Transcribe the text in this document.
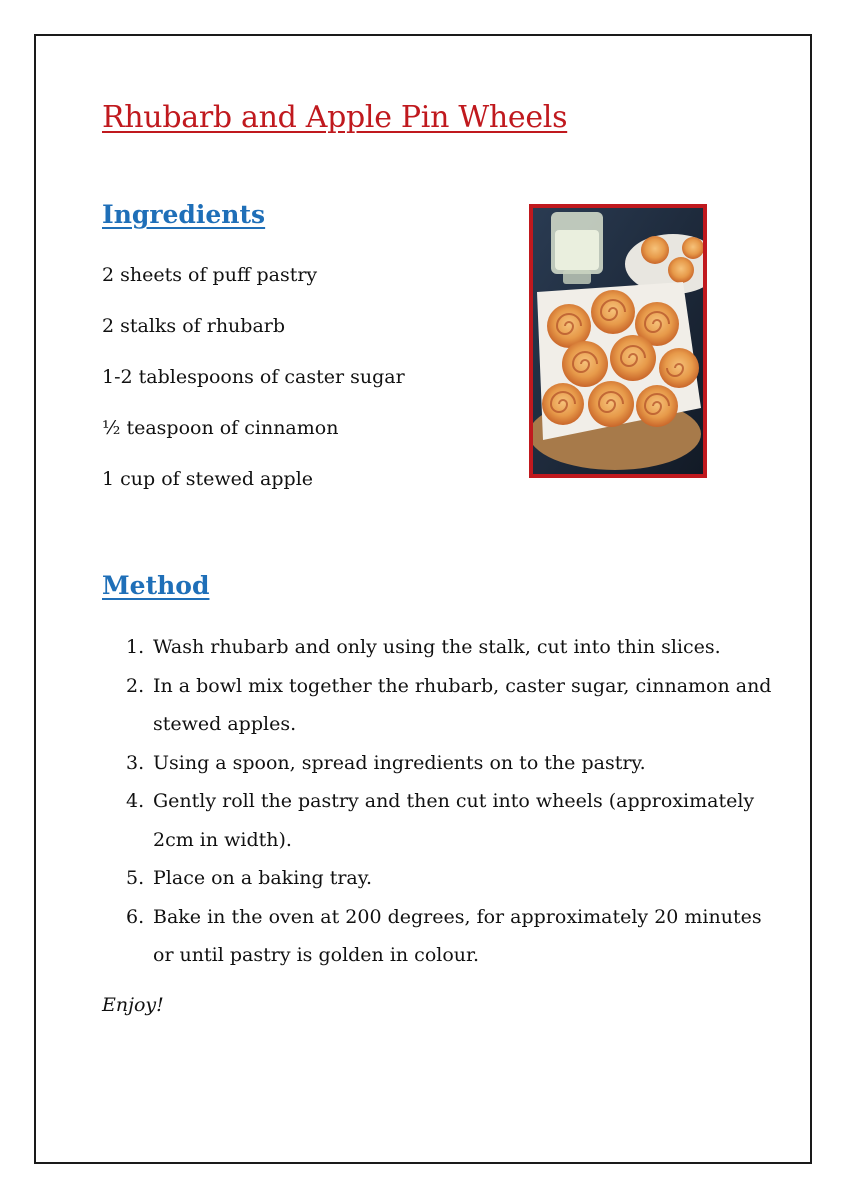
Rhubarb and Apple Pin Wheels
Ingredients
2 sheets of puff pastry
2 stalks of rhubarb
1-2 tablespoons of caster sugar
½ teaspoon of cinnamon
1 cup of stewed apple
Method
1. Wash rhubarb and only using the stalk, cut into thin slices.
2. In a bowl mix together the rhubarb, caster sugar, cinnamon and stewed apples.
3. Using a spoon, spread ingredients on to the pastry.
4. Gently roll the pastry and then cut into wheels (approximately 2cm in width).
5. Place on a baking tray.
6. Bake in the oven at 200 degrees, for approximately 20 minutes or until pastry is golden in colour.

Enjoy!
